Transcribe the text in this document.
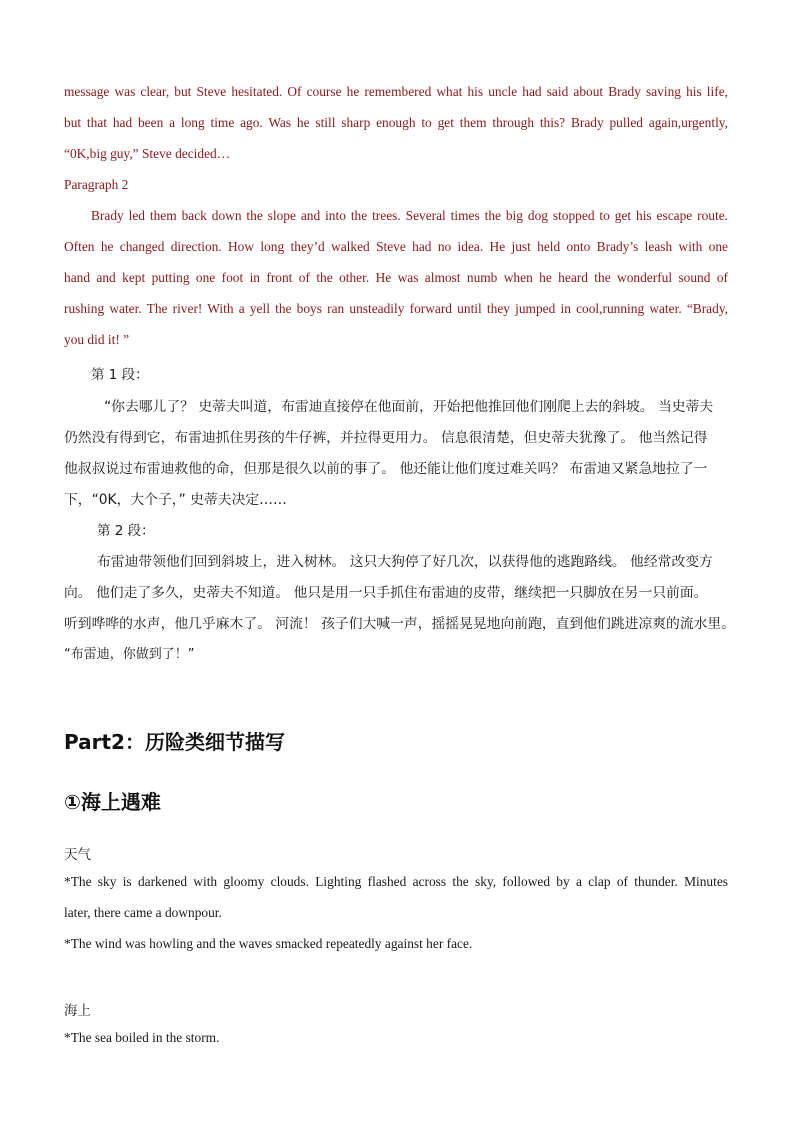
message was clear, but Steve hesitated. Of course he remembered what his uncle had said about Brady saving his life,
but that had been a long time ago. Was he still sharp enough to get them through this? Brady pulled again,urgently,
“0K,big guy,” Steve decided…
Paragraph 2
Brady led them back down the slope and into the trees. Several times the big dog stopped to get his escape route.
Often he changed direction. How long they’d walked Steve had no idea. He just held onto Brady’s leash with one
hand and kept putting one foot in front of the other. He was almost numb when he heard the wonderful sound of
rushing water. The river! With a yell the boys ran unsteadily forward until they jumped in cool,running water. “Brady,
you did it! ”
第 1 段：
“你去哪儿了？ 史蒂夫叫道，布雷迪直接停在他面前，开始把他推回他们刚爬上去的斜坡。 当史蒂夫
仍然没有得到它，布雷迪抓住男孩的牛仔裤，并拉得更用力。 信息很清楚，但史蒂夫犹豫了。 他当然记得
他叔叔说过布雷迪救他的命，但那是很久以前的事了。 他还能让他们度过难关吗？ 布雷迪又紧急地拉了一
下，“0K，大个子，” 史蒂夫决定……
第 2 段：
布雷迪带领他们回到斜坡上，进入树林。 这只大狗停了好几次，以获得他的逃跑路线。 他经常改变方
向。 他们走了多久，史蒂夫不知道。 他只是用一只手抓住布雷迪的皮带，继续把一只脚放在另一只前面。
听到哗哗的水声，他几乎麻木了。 河流！ 孩子们大喊一声，摇摇晃晃地向前跑，直到他们跳进凉爽的流水里。
“布雷迪，你做到了！”
Part2：历险类细节描写
①海上遇难
天气
*The sky is darkened with gloomy clouds. Lighting flashed across the sky, followed by a clap of thunder. Minutes
later, there came a downpour.
*The wind was howling and the waves smacked repeatedly against her face.
海上
*The sea boiled in the storm.
